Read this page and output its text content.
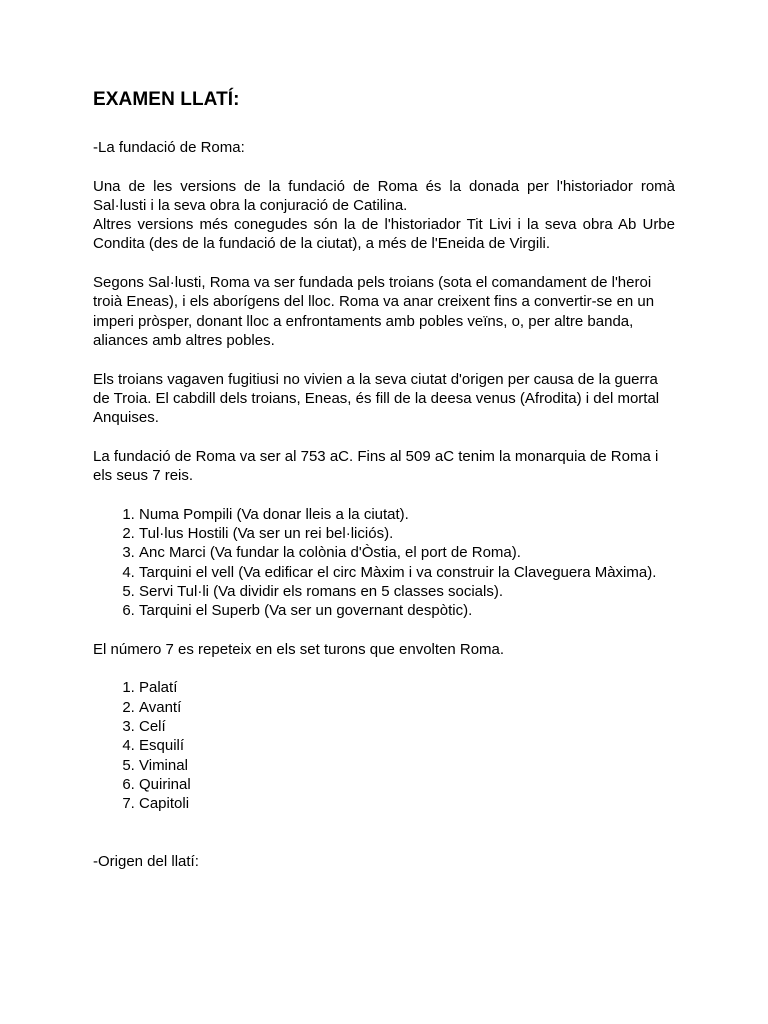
EXAMEN LLATÍ:

-La fundació de Roma:

Una de les versions de la fundació de Roma és la donada per l'historiador romà Sal·lusti i la seva obra la conjuració de Catilina.

Altres versions més conegudes són la de l'historiador Tit Livi i la seva obra Ab Urbe Condita (des de la fundació de la ciutat), a més de l'Eneida de Virgili.

Segons Sal·lusti, Roma va ser fundada pels troians (sota el comandament de l'heroi troià Eneas), i els aborígens del lloc. Roma va anar creixent fins a convertir-se en un imperi pròsper, donant lloc a enfrontaments amb pobles veïns, o, per altre banda, aliances amb altres pobles.

Els troians vagaven fugitiusi no vivien a la seva ciutat d'origen per causa de la guerra de Troia. El cabdill dels troians, Eneas, és fill de la deesa venus (Afrodita) i del mortal Anquises.

La fundació de Roma va ser al 753 aC. Fins al 509 aC tenim la monarquia de Roma i els seus 7 reis.

1. Numa Pompili (Va donar lleis a la ciutat).
2. Tul·lus Hostili (Va ser un rei bel·liciós).
3. Anc Marci (Va fundar la colònia d'Òstia, el port de Roma).
4. Tarquini el vell (Va edificar el circ Màxim i va construir la Claveguera Màxima).
5. Servi Tul·li (Va dividir els romans en 5 classes socials).
6. Tarquini el Superb (Va ser un governant despòtic).

El número 7 es repeteix en els set turons que envolten Roma.

1. Palatí
2. Avantí
3. Celí
4. Esquilí
5. Viminal
6. Quirinal
7. Capitoli

-Origen del llatí:
